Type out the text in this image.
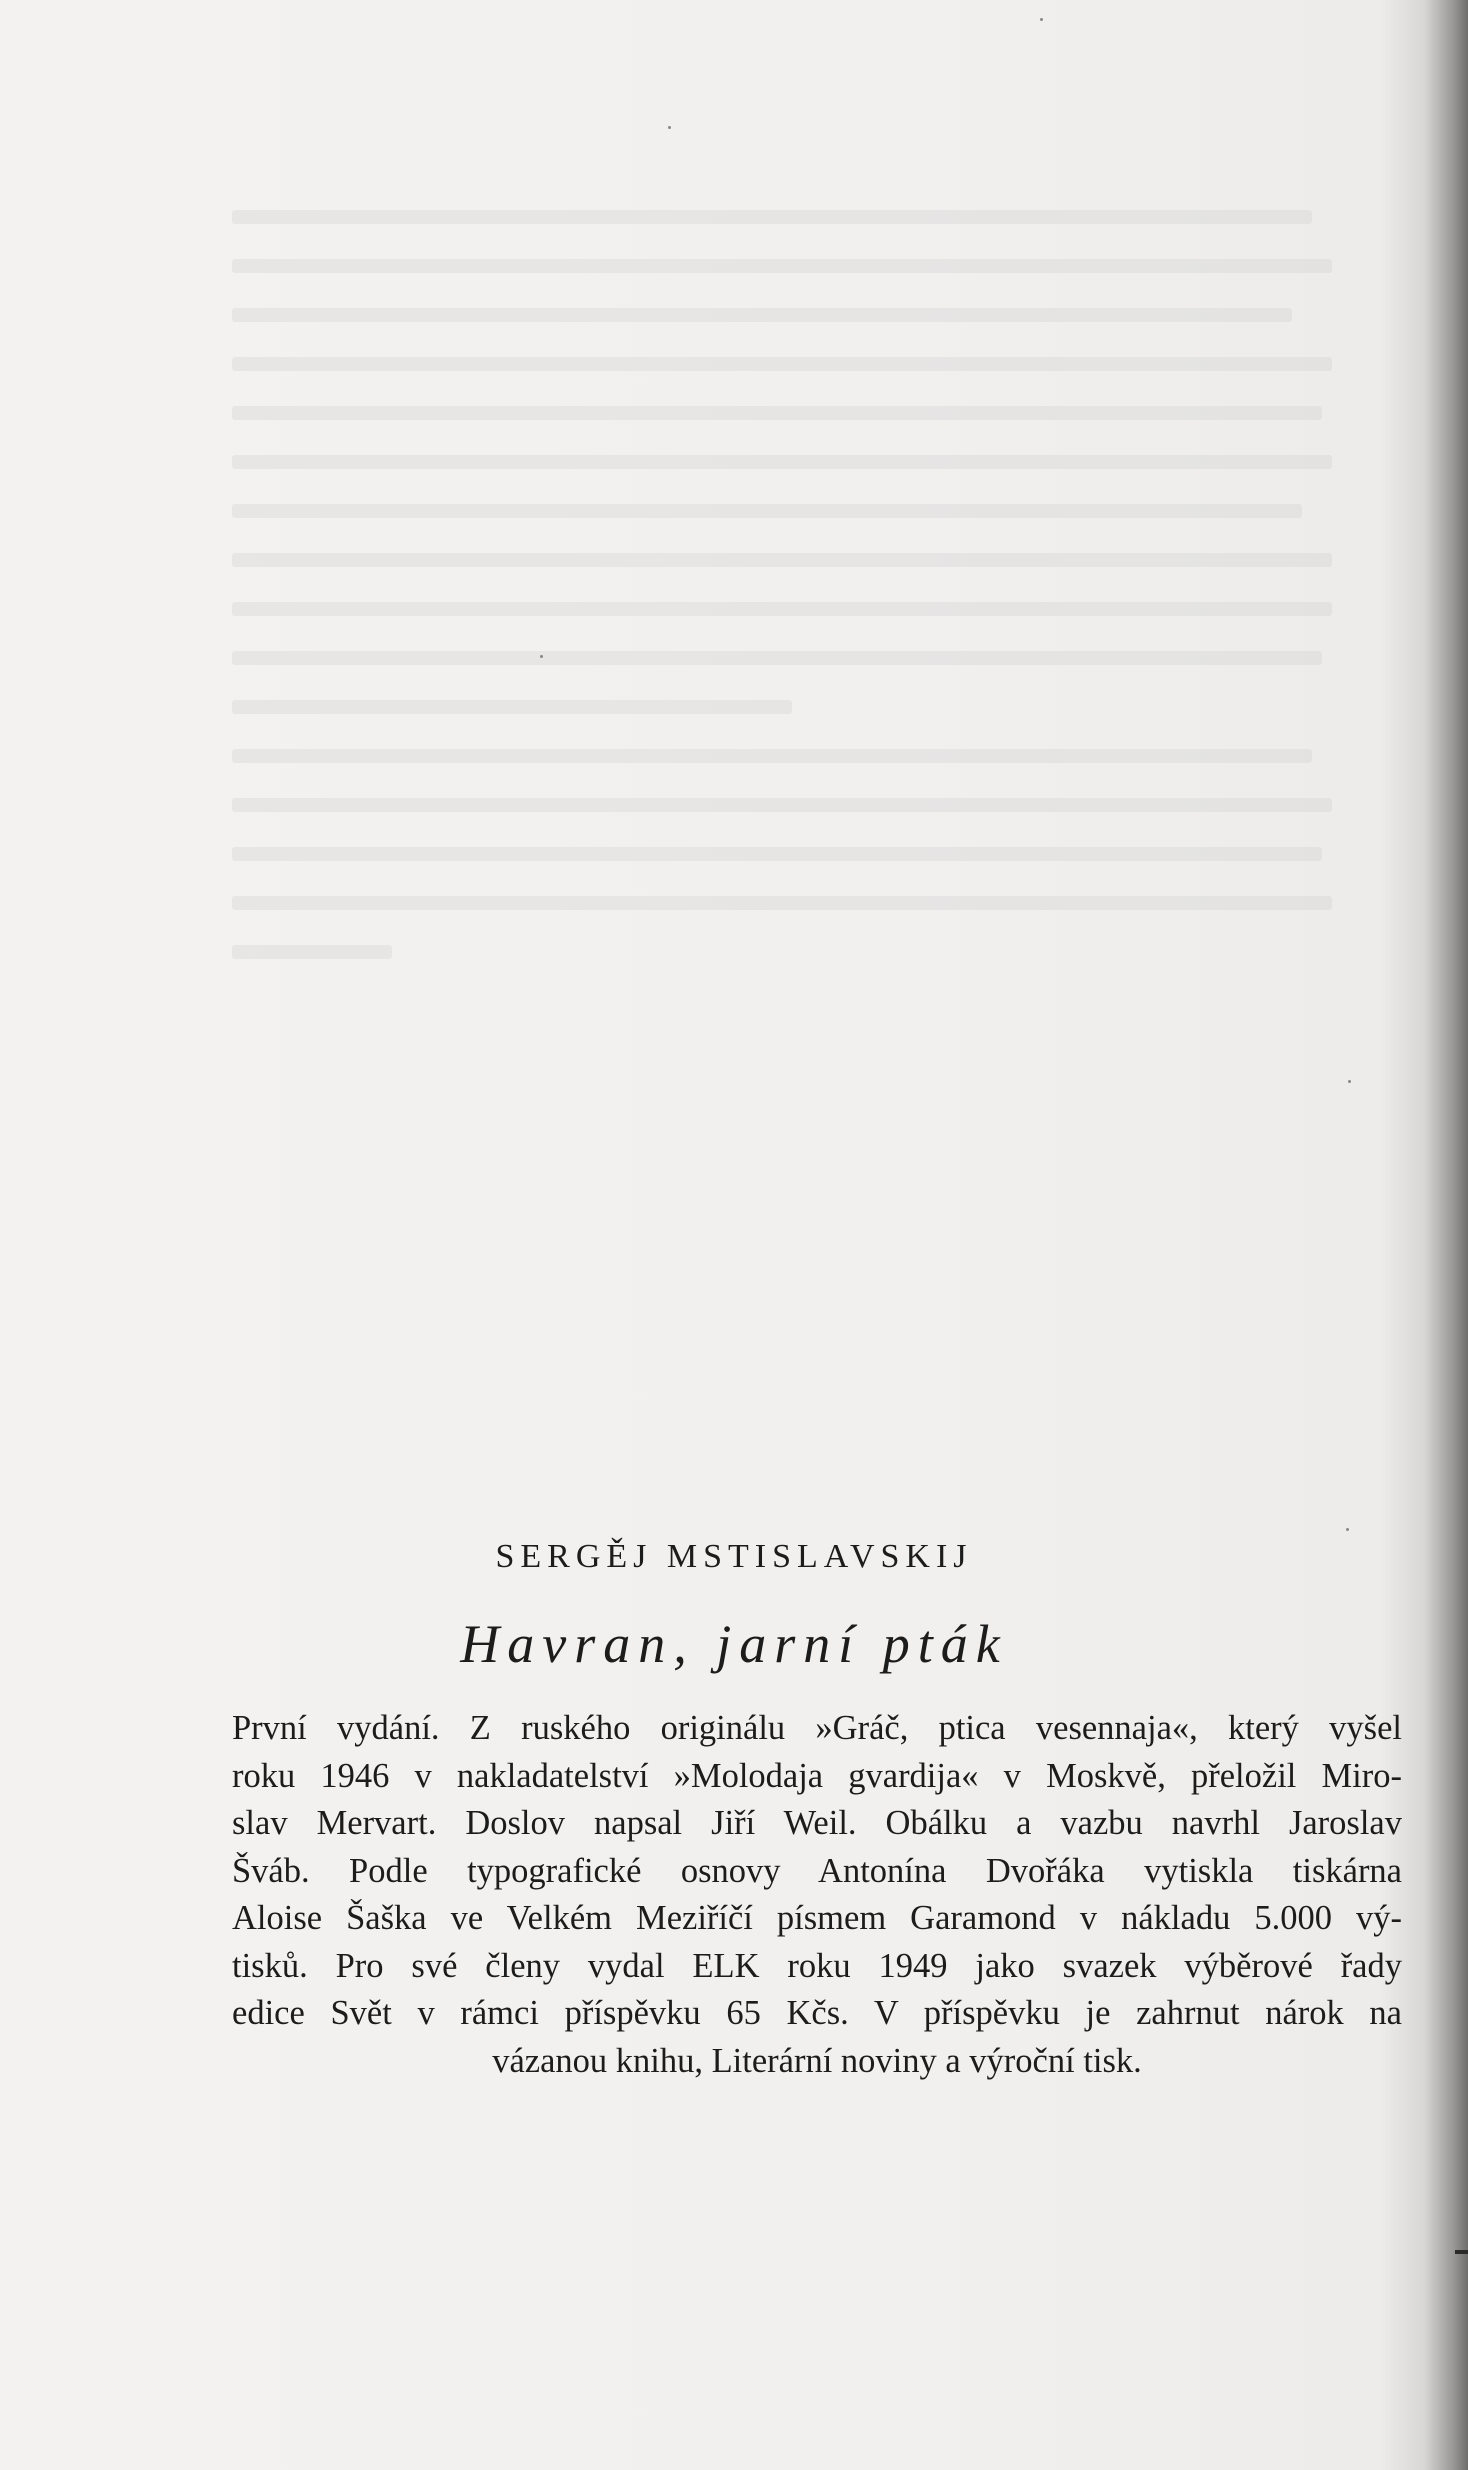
SERGĚJ MSTISLAVSKIJ
Havran, jarní pták
První vydání. Z ruského originálu »Gráč, ptica vesennaja«, který vyšel
roku 1946 v nakladatelství »Molodaja gvardija« v Moskvě, přeložil Miro-
slav Mervart. Doslov napsal Jiří Weil. Obálku a vazbu navrhl Jaroslav
Šváb. Podle typografické osnovy Antonína Dvořáka vytiskla tiskárna
Aloise Šaška ve Velkém Meziříčí písmem Garamond v nákladu 5.000 vý-
tisků. Pro své členy vydal ELK roku 1949 jako svazek výběrové řady
edice Svět v rámci příspěvku 65 Kčs. V příspěvku je zahrnut nárok na
vázanou knihu, Literární noviny a výroční tisk.
